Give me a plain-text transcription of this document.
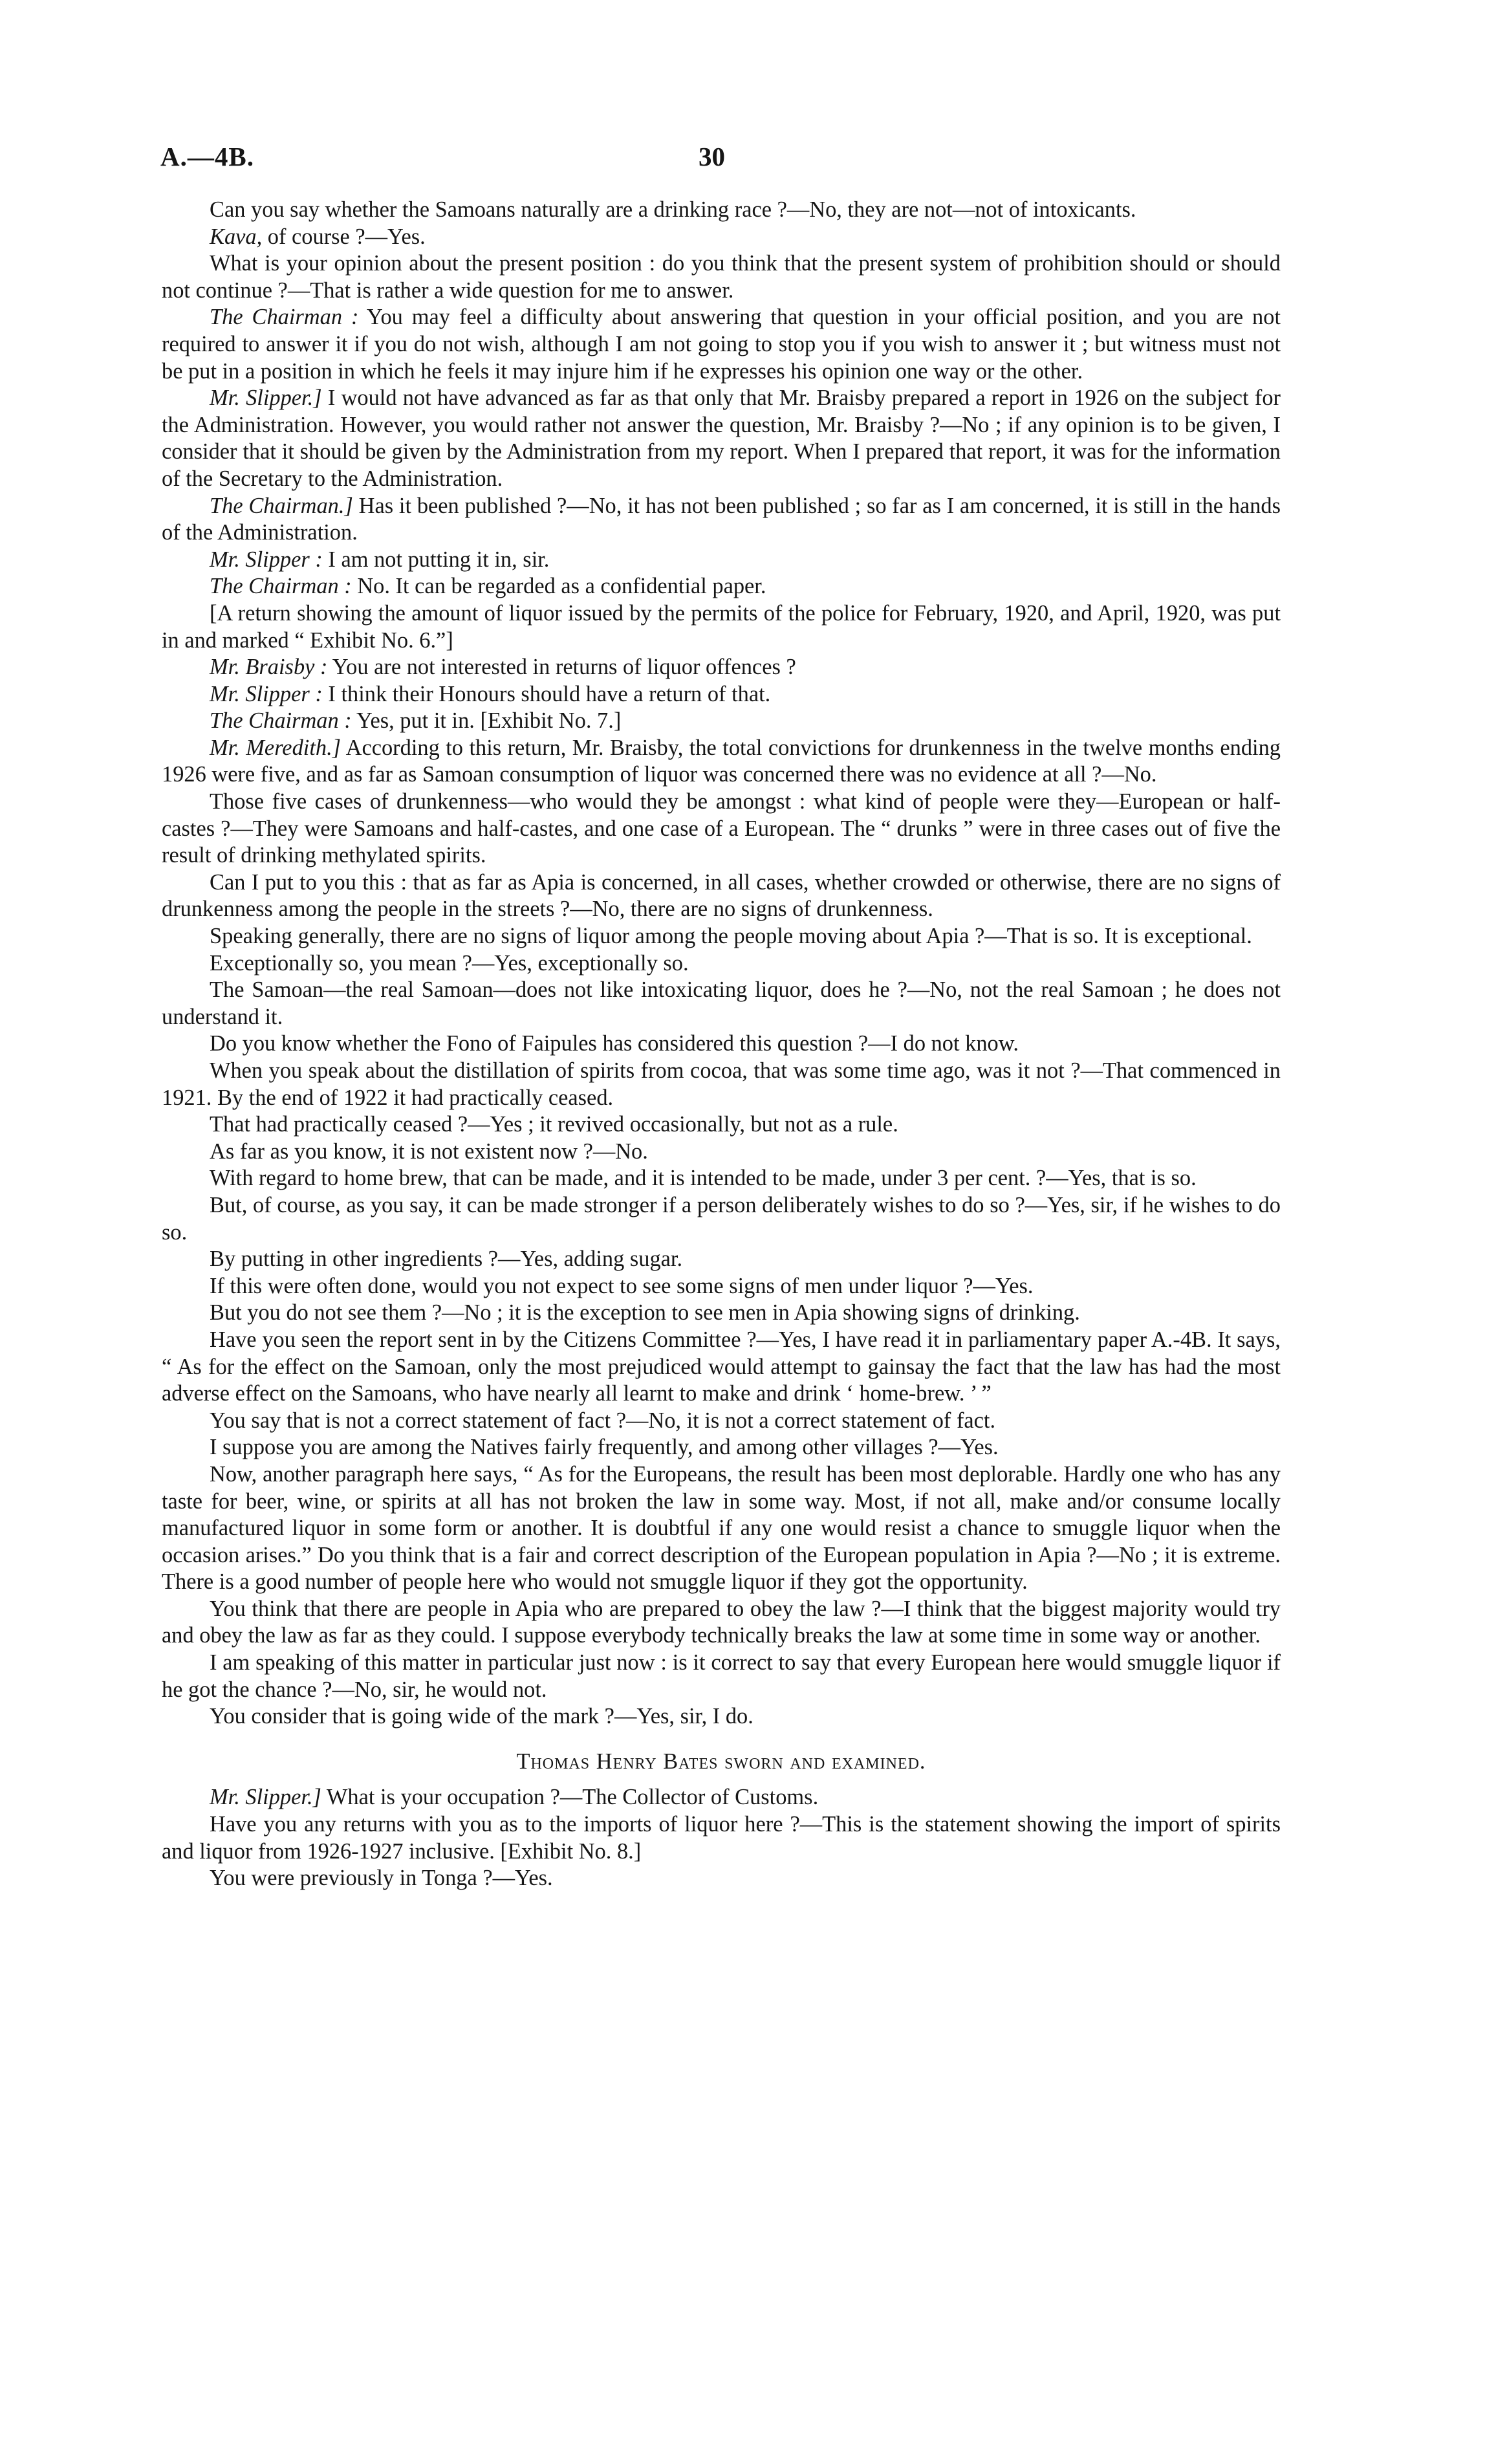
A.—4B.	30

Can you say whether the Samoans naturally are a drinking race ?—No, they are not—not of intoxicants.

Kava, of course ?—Yes.

What is your opinion about the present position : do you think that the present system of prohibition should or should not continue ?—That is rather a wide question for me to answer.

The Chairman : You may feel a difficulty about answering that question in your official position, and you are not required to answer it if you do not wish, although I am not going to stop you if you wish to answer it ; but witness must not be put in a position in which he feels it may injure him if he expresses his opinion one way or the other.

Mr. Slipper.] I would not have advanced as far as that only that Mr. Braisby prepared a report in 1926 on the subject for the Administration. However, you would rather not answer the question, Mr. Braisby ?—No ; if any opinion is to be given, I consider that it should be given by the Administration from my report. When I prepared that report, it was for the information of the Secretary to the Administration.

The Chairman.] Has it been published ?—No, it has not been published ; so far as I am concerned, it is still in the hands of the Administration.

Mr. Slipper : I am not putting it in, sir.

The Chairman : No. It can be regarded as a confidential paper.

[A return showing the amount of liquor issued by the permits of the police for February, 1920, and April, 1920, was put in and marked “ Exhibit No. 6.”]

Mr. Braisby : You are not interested in returns of liquor offences ?

Mr. Slipper : I think their Honours should have a return of that.

The Chairman : Yes, put it in. [Exhibit No. 7.]

Mr. Meredith.] According to this return, Mr. Braisby, the total convictions for drunkenness in the twelve months ending 1926 were five, and as far as Samoan consumption of liquor was concerned there was no evidence at all ?—No.

Those five cases of drunkenness—who would they be amongst : what kind of people were they—European or half-castes ?—They were Samoans and half-castes, and one case of a European. The “ drunks ” were in three cases out of five the result of drinking methylated spirits.

Can I put to you this : that as far as Apia is concerned, in all cases, whether crowded or otherwise, there are no signs of drunkenness among the people in the streets ?—No, there are no signs of drunkenness.

Speaking generally, there are no signs of liquor among the people moving about Apia ?—That is so. It is exceptional.

Exceptionally so, you mean ?—Yes, exceptionally so.

The Samoan—the real Samoan—does not like intoxicating liquor, does he ?—No, not the real Samoan ; he does not understand it.

Do you know whether the Fono of Faipules has considered this question ?—I do not know.

When you speak about the distillation of spirits from cocoa, that was some time ago, was it not ?—That commenced in 1921. By the end of 1922 it had practically ceased.

That had practically ceased ?—Yes ; it revived occasionally, but not as a rule.

As far as you know, it is not existent now ?—No.

With regard to home brew, that can be made, and it is intended to be made, under 3 per cent. ?—Yes, that is so.

But, of course, as you say, it can be made stronger if a person deliberately wishes to do so ?—Yes, sir, if he wishes to do so.

By putting in other ingredients ?—Yes, adding sugar.

If this were often done, would you not expect to see some signs of men under liquor ?—Yes.

But you do not see them ?—No ; it is the exception to see men in Apia showing signs of drinking.

Have you seen the report sent in by the Citizens Committee ?—Yes, I have read it in parliamentary paper A.-4B. It says, “ As for the effect on the Samoan, only the most prejudiced would attempt to gainsay the fact that the law has had the most adverse effect on the Samoans, who have nearly all learnt to make and drink ‘ home-brew. ’ ”

You say that is not a correct statement of fact ?—No, it is not a correct statement of fact.

I suppose you are among the Natives fairly frequently, and among other villages ?—Yes.

Now, another paragraph here says, “ As for the Europeans, the result has been most deplorable. Hardly one who has any taste for beer, wine, or spirits at all has not broken the law in some way. Most, if not all, make and/or consume locally manufactured liquor in some form or another. It is doubtful if any one would resist a chance to smuggle liquor when the occasion arises.” Do you think that is a fair and correct description of the European population in Apia ?—No ; it is extreme. There is a good number of people here who would not smuggle liquor if they got the opportunity.

You think that there are people in Apia who are prepared to obey the law ?—I think that the biggest majority would try and obey the law as far as they could. I suppose everybody technically breaks the law at some time in some way or another.

I am speaking of this matter in particular just now : is it correct to say that every European here would smuggle liquor if he got the chance ?—No, sir, he would not.

You consider that is going wide of the mark ?—Yes, sir, I do.

Thomas Henry Bates sworn and examined.

Mr. Slipper.] What is your occupation ?—The Collector of Customs.

Have you any returns with you as to the imports of liquor here ?—This is the statement showing the import of spirits and liquor from 1926-1927 inclusive. [Exhibit No. 8.]

You were previously in Tonga ?—Yes.
